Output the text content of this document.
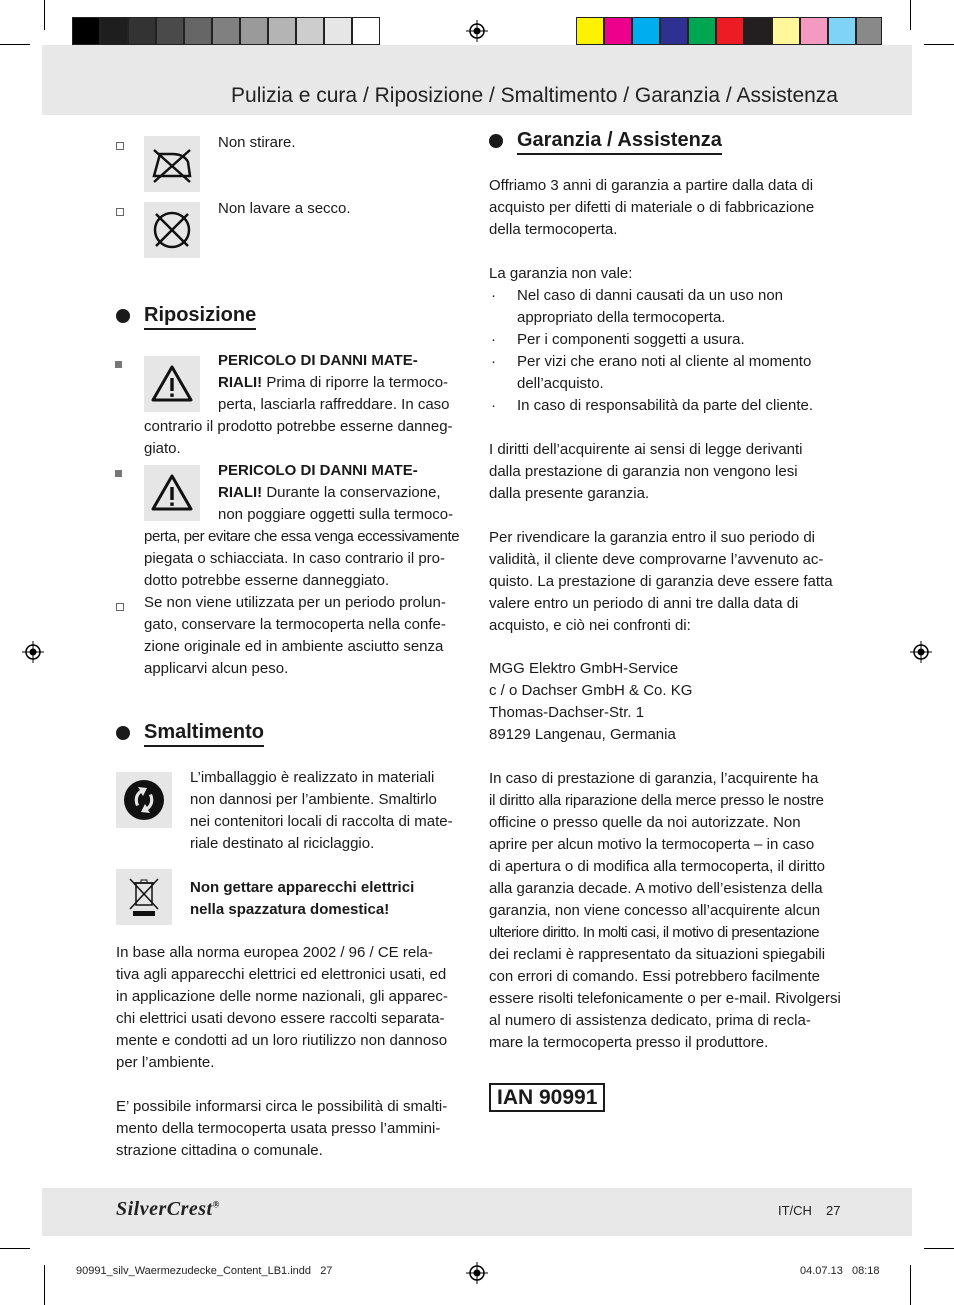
Pulizia e cura / Riposizione / Smaltimento / Garanzia / Assistenza
Non stirare.
Non lavare a secco.
Riposizione
PERICOLO DI DANNI MATE-
RIALI! Prima di riporre la termoco-
perta, lasciarla raffreddare. In caso
contrario il prodotto potrebbe esserne danneg-
giato.
PERICOLO DI DANNI MATE-
RIALI! Durante la conservazione,
non poggiare oggetti sulla termoco-
perta, per evitare che essa venga eccessivamente
piegata o schiacciata. In caso contrario il pro-
dotto potrebbe esserne danneggiato.
Se non viene utilizzata per un periodo prolun-
gato, conservare la termocoperta nella confe-
zione originale ed in ambiente asciutto senza
applicarvi alcun peso.
Smaltimento
L’imballaggio è realizzato in materiali
non dannosi per l’ambiente. Smaltirlo
nei contenitori locali di raccolta di mate-
riale destinato al riciclaggio.
Non gettare apparecchi elettrici
nella spazzatura domestica!
In base alla norma europea 2002 / 96 / CE rela-
tiva agli apparecchi elettrici ed elettronici usati, ed
in applicazione delle norme nazionali, gli apparec-
chi elettrici usati devono essere raccolti separata-
mente e condotti ad un loro riutilizzo non dannoso
per l’ambiente.
E’ possibile informarsi circa le possibilità di smalti-
mento della termocoperta usata presso l’ammini-
strazione cittadina o comunale.
Garanzia / Assistenza
Offriamo 3 anni di garanzia a partire dalla data di
acquisto per difetti di materiale o di fabbricazione
della termocoperta.
La garanzia non vale:
· Nel caso di danni causati da un uso non
appropriato della termocoperta.
· Per i componenti soggetti a usura.
· Per vizi che erano noti al cliente al momento
dell’acquisto.
· In caso di responsabilità da parte del cliente.
I diritti dell’acquirente ai sensi di legge derivanti
dalla prestazione di garanzia non vengono lesi
dalla presente garanzia.
Per rivendicare la garanzia entro il suo periodo di
validità, il cliente deve comprovarne l’avvenuto ac-
quisto. La prestazione di garanzia deve essere fatta
valere entro un periodo di anni tre dalla data di
acquisto, e ciò nei confronti di:
MGG Elektro GmbH-Service
c / o Dachser GmbH & Co. KG
Thomas-Dachser-Str. 1
89129 Langenau, Germania
In caso di prestazione di garanzia, l’acquirente ha
il diritto alla riparazione della merce presso le nostre
officine o presso quelle da noi autorizzate. Non
aprire per alcun motivo la termocoperta – in caso
di apertura o di modifica alla termocoperta, il diritto
alla garanzia decade. A motivo dell’esistenza della
garanzia, non viene concesso all’acquirente alcun
ulteriore diritto. In molti casi, il motivo di presentazione
dei reclami è rappresentato da situazioni spiegabili
con errori di comando. Essi potrebbero facilmente
essere risolti telefonicamente o per e-mail. Rivolgersi
al numero di assistenza dedicato, prima di recla-
mare la termocoperta presso il produttore.
IAN 90991
SilverCrest®	IT/CH 27
90991_silv_Waermezudecke_Content_LB1.indd   27	04.07.13   08:18
